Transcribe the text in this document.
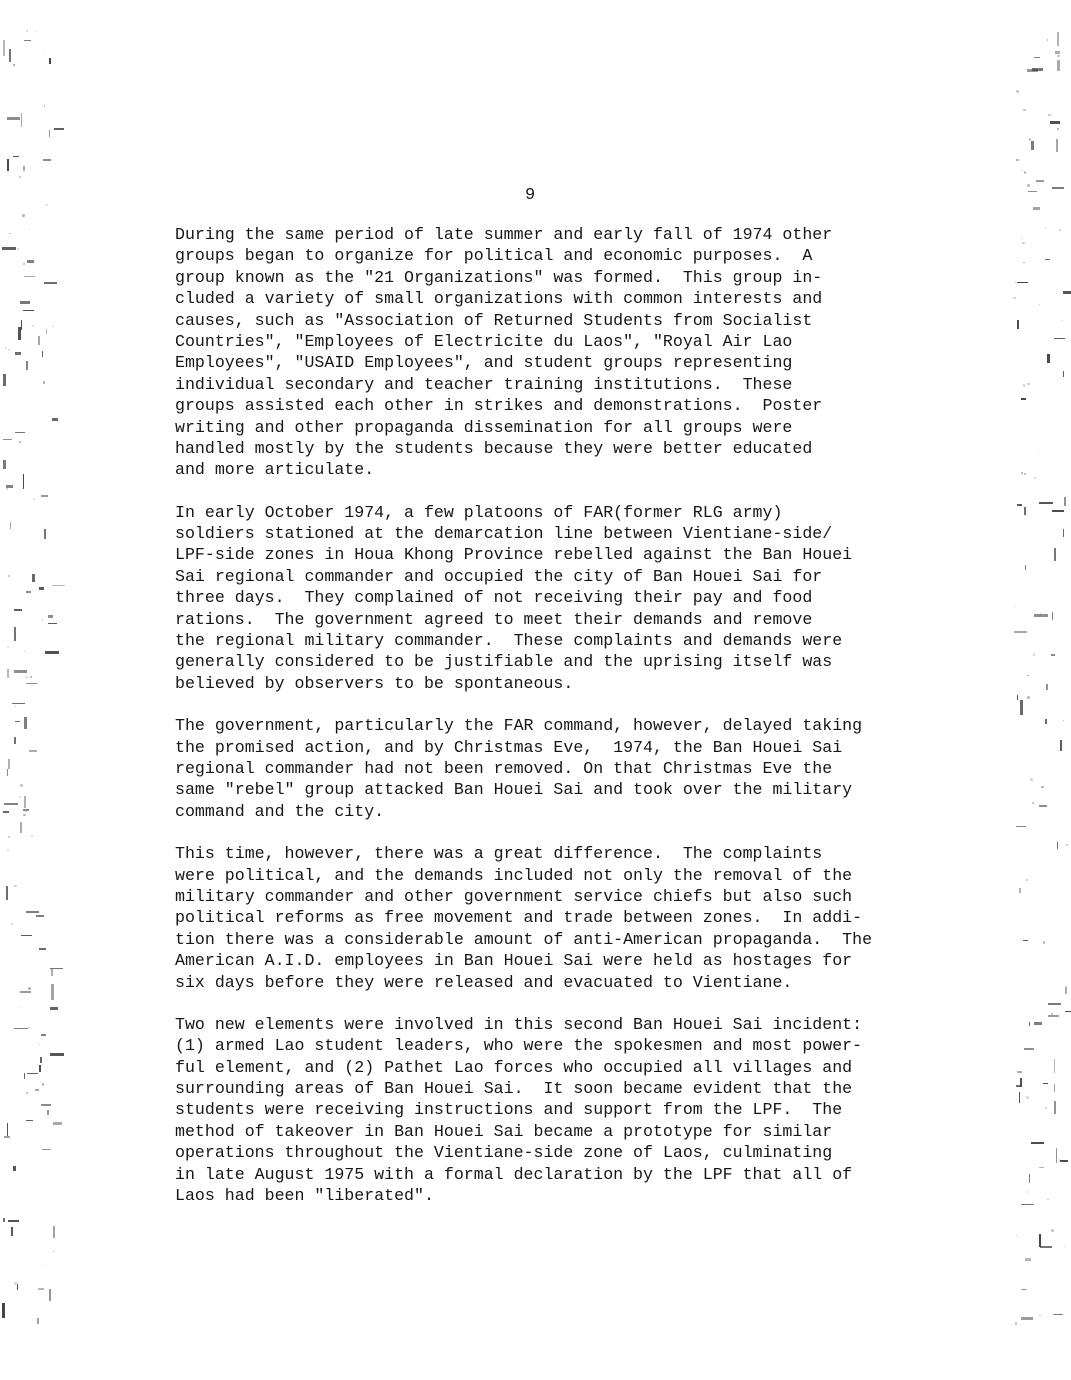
9

During the same period of late summer and early fall of 1974 other
groups began to organize for political and economic purposes.  A
group known as the "21 Organizations" was formed.  This group in-
cluded a variety of small organizations with common interests and
causes, such as "Association of Returned Students from Socialist
Countries", "Employees of Electricite du Laos", "Royal Air Lao
Employees", "USAID Employees", and student groups representing
individual secondary and teacher training institutions.  These
groups assisted each other in strikes and demonstrations.  Poster
writing and other propaganda dissemination for all groups were
handled mostly by the students because they were better educated
and more articulate.

In early October 1974, a few platoons of FAR(former RLG army)
soldiers stationed at the demarcation line between Vientiane-side/
LPF-side zones in Houa Khong Province rebelled against the Ban Houei
Sai regional commander and occupied the city of Ban Houei Sai for
three days.  They complained of not receiving their pay and food
rations.  The government agreed to meet their demands and remove
the regional military commander.  These complaints and demands were
generally considered to be justifiable and the uprising itself was
believed by observers to be spontaneous.

The government, particularly the FAR command, however, delayed taking
the promised action, and by Christmas Eve,  1974, the Ban Houei Sai
regional commander had not been removed. On that Christmas Eve the
same "rebel" group attacked Ban Houei Sai and took over the military
command and the city.

This time, however, there was a great difference.  The complaints
were political, and the demands included not only the removal of the
military commander and other government service chiefs but also such
political reforms as free movement and trade between zones.  In addi-
tion there was a considerable amount of anti-American propaganda.  The
American A.I.D. employees in Ban Houei Sai were held as hostages for
six days before they were released and evacuated to Vientiane.

Two new elements were involved in this second Ban Houei Sai incident:
(1) armed Lao student leaders, who were the spokesmen and most power-
ful element, and (2) Pathet Lao forces who occupied all villages and
surrounding areas of Ban Houei Sai.  It soon became evident that the
students were receiving instructions and support from the LPF.  The
method of takeover in Ban Houei Sai became a prototype for similar
operations throughout the Vientiane-side zone of Laos, culminating
in late August 1975 with a formal declaration by the LPF that all of
Laos had been "liberated".
